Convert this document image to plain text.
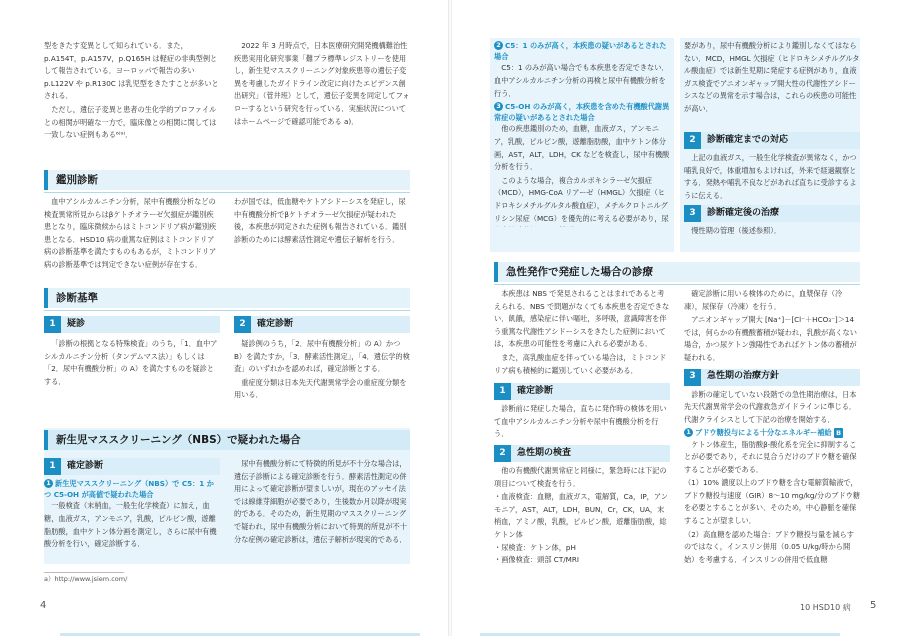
型をきたす変異として知られている．また，p.A154T，p.A157V，p.Q165H は軽症の非典型例として報告されている．ヨーロッパで報告の多い p.L122V や p.R130C は乳児型をきたすことが多いとされる．

ただし，遺伝子変異と患者の生化学的プロファイルとの相関が明確な一方で，臨床像との相関に関しては一致しない症例もある⁶⁾⁹⁾．

2022 年 3 月時点で，日本医療研究開発機構難治性疾患実用化研究事業「難プラ標準レジストリーを使用し，新生児マススクリーニング対象疾患等の遺伝子変異を考慮したガイドライン改定に向けたエビデンス創出研究」（菅井班）として，遺伝子変異を同定してフォローするという研究を行っている．実施状況についてはホームページで確認可能である a)．

鑑別診断

血中アシルカルニチン分析，尿中有機酸分析などの検査異常所見からはβケトチオラーゼ欠損症が鑑別疾患となり，臨床徴候からはミトコンドリア病が鑑別疾患となる．HSD10 病の重篤な症例はミトコンドリア病の診断基準を満たすものもあるが，ミトコンドリア病の診断基準では判定できない症例が存在する．

わが国では，低血糖やケトアシドーシスを発症し，尿中有機酸分析でβケトチオラーゼ欠損症が疑われた後，本疾患が同定された症例も報告されている．鑑別診断のためには酵素活性測定や遺伝子解析を行う．

診断基準
1	疑診

「診断の根拠となる特殊検査」のうち，「1．血中アシルカルニチン分析（タンデムマス法）」もしくは「2．尿中有機酸分析」の A）を満たすものを疑診とする．

2	確定診断

疑診例のうち，「2．尿中有機酸分析」の A）かつ B）を満たすか，「3．酵素活性測定」，「4．遺伝学的検査」のいずれかを認めれば，確定診断とする．

重症度分類は日本先天代謝異常学会の重症度分類を用いる．

新生児マススクリーニング（NBS）で疑われた場合
1	確定診断
1 新生児マススクリーニング（NBS）で C5：1 かつ C5-OH が高値で疑われた場合

一般検査（末梢血，一般生化学検査）に加え，血糖，血液ガス，アンモニア，乳酸，ピルビン酸，遊離脂肪酸，血中ケトン体分画を測定し，さらに尿中有機酸分析を行い，確定診断する．

尿中有機酸分析にて特徴的所見が不十分な場合は，遺伝子診断による確定診断を行う．酵素活性測定の併用によって確定診断が望ましいが，現在のアッセイ法では線維芽細胞が必要であり，生後数か月以降が現実的である．そのため，新生児期のマススクリーニングで疑われ，尿中有機酸分析において特異的所見が不十分な症例の確定診断は，遺伝子解析が現実的である．

a）http://www.jsiem.com/
4
2 C5：1 のみが高く，本疾患の疑いがあるとされた場合

C5：1 のみが高い場合でも本疾患を否定できない．血中アシルカルニチン分析の再検と尿中有機酸分析を行う．

3 C5-OH のみが高く，本疾患を含めた有機酸代謝異常症の疑いがあるとされた場合

他の疾患鑑別のため，血糖，血液ガス，アンモニア，乳酸，ピルビン酸，遊離脂肪酸，血中ケトン体分画，AST，ALT，LDH，CK などを検査し，尿中有機酸分析を行う．

このような場合，複合カルボキシラーゼ欠損症（MCD），HMG-CoA リアーゼ（HMGL）欠損症（ヒドロキシメチルグルタル酸血症），メチルクロトニルグリシン尿症（MCG）を優先的に考える必要があり，尿

要があり，尿中有機酸分析により鑑別しなくてはならない．MCD，HMGL 欠損症（ヒドロキシメチルグルタル酸血症）では新生児期に発症する症例があり，血液ガス検査でアニオンギャップ開大性の代謝性アシドーシスなどの異常を示す場合は，これらの疾患の可能性が高い．

2	診断確定までの対応

上記の血液ガス，一般生化学検査が異常なく，かつ哺乳良好で，体重増加もよければ，外来で経過観察とする．発熱や哺乳不良などがあれば直ちに受診するように伝える．

3	診断確定後の治療

慢性期の管理（後述参照）．

急性発作で発症した場合の診療

本疾患は NBS で発見されることはまれであると考えられる．NBS で問題がなくても本疾患を否定できない．飢餓，感染症に伴い嘔吐，多呼吸，意識障害を伴う重篤な代謝性アシドーシスをきたした症例においては，本疾患の可能性を考慮に入れる必要がある．

また，高乳酸血症を伴っている場合は，ミトコンドリア病も積極的に鑑別していく必要がある．

1	確定診断

診断前に発症した場合，直ちに発作時の検体を用いて血中アシルカルニチン分析や尿中有機酸分析を行う．

2	急性期の検査

他の有機酸代謝異常症と同様に，緊急時には下記の項目について検査を行う．

・ 血液検査：血糖，血液ガス，電解質，Ca，IP，アンモニア，AST，ALT，LDH，BUN，Cr，CK，UA，末梢血，アミノ酸，乳酸，ピルビン酸，遊離脂肪酸，総ケトン体
・ 尿検査：ケトン体，pH
・ 画像検査：頭部 CT/MRI

確定診断に用いる検体のために，血漿保存（冷凍），尿保存（冷凍）を行う．

アニオンギャップ開大 [Na⁺]－[Cl⁻＋HCO₃⁻]＞14 では，何らかの有機酸蓄積が疑われ，乳酸が高くない場合，かつ尿ケトン強陽性であればケトン体の蓄積が疑われる．

3	急性期の治療方針

診断の確定していない段階での急性期治療は，日本先天代謝異常学会の代謝救急ガイドラインに準じる．代謝クライシスとして下記の治療を開始する．

1 ブドウ糖投与による十分なエネルギー補給 B

ケトン体産生，脂肪酸β-酸化系を完全に抑制することが必要であり，それに見合うだけのブドウ糖を確保することが必要である．

（1）10% 濃度以上のブドウ糖を含む電解質輸液で，ブドウ糖投与速度（GIR）8～10 mg/kg/分のブドウ糖を必要とすることが多い．そのため，中心静脈を確保することが望ましい．

（2）高血糖を認めた場合：ブドウ糖投与量を減らすのではなく，インスリン併用（0.05 U/kg/時から開始）を考慮する．インスリンの併用で低血糖

10 HSD10 病 5
